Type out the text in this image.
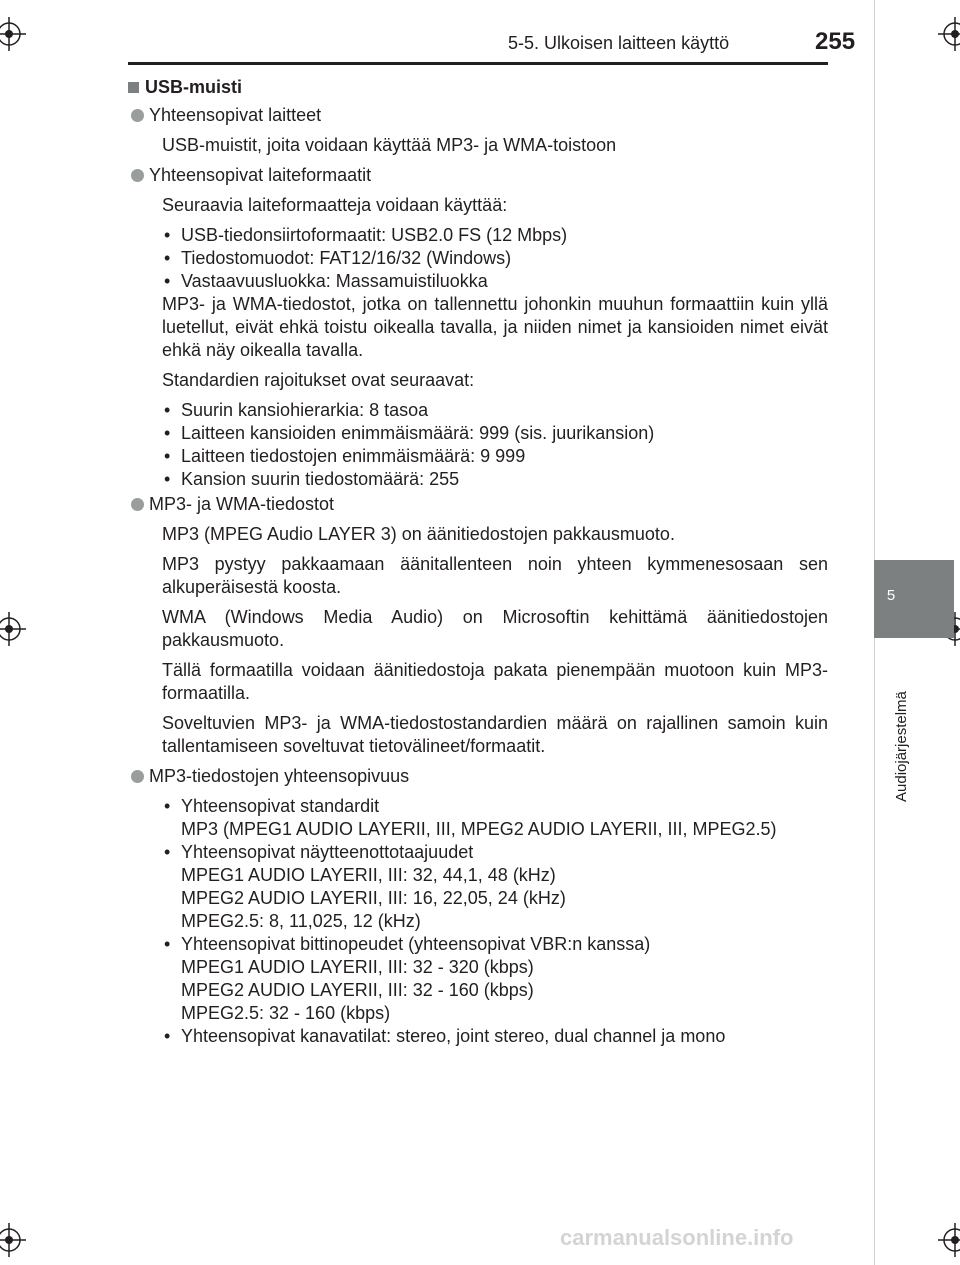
5-5. Ulkoisen laitteen käyttö	255
5
Audiojärjestelmä
USB-muisti
Yhteensopivat laitteet
USB-muistit, joita voidaan käyttää MP3- ja WMA-toistoon
Yhteensopivat laiteformaatit
Seuraavia laiteformaatteja voidaan käyttää:
• USB-tiedonsiirtoformaatit: USB2.0 FS (12 Mbps)
• Tiedostomuodot: FAT12/16/32 (Windows)
• Vastaavuusluokka: Massamuistiluokka
MP3- ja WMA-tiedostot, jotka on tallennettu johonkin muuhun formaattiin kuin yllä luetellut, eivät ehkä toistu oikealla tavalla, ja niiden nimet ja kansioiden nimet eivät ehkä näy oikealla tavalla.
Standardien rajoitukset ovat seuraavat:
• Suurin kansiohierarkia: 8 tasoa
• Laitteen kansioiden enimmäismäärä: 999 (sis. juurikansion)
• Laitteen tiedostojen enimmäismäärä: 9 999
• Kansion suurin tiedostomäärä: 255
MP3- ja WMA-tiedostot
MP3 (MPEG Audio LAYER 3) on äänitiedostojen pakkausmuoto.
MP3 pystyy pakkaamaan äänitallenteen noin yhteen kymmenesosaan sen alkuperäisestä koosta.
WMA (Windows Media Audio) on Microsoftin kehittämä äänitiedostojen pakkausmuoto.
Tällä formaatilla voidaan äänitiedostoja pakata pienempään muotoon kuin MP3-formaatilla.
Soveltuvien MP3- ja WMA-tiedostostandardien määrä on rajallinen samoin kuin tallentamiseen soveltuvat tietovälineet/formaatit.
MP3-tiedostojen yhteensopivuus
• Yhteensopivat standardit
MP3 (MPEG1 AUDIO LAYERII, III, MPEG2 AUDIO LAYERII, III, MPEG2.5)
• Yhteensopivat näytteenottotaajuudet
MPEG1 AUDIO LAYERII, III: 32, 44,1, 48 (kHz)
MPEG2 AUDIO LAYERII, III: 16, 22,05, 24 (kHz)
MPEG2.5: 8, 11,025, 12 (kHz)
• Yhteensopivat bittinopeudet (yhteensopivat VBR:n kanssa)
MPEG1 AUDIO LAYERII, III: 32 - 320 (kbps)
MPEG2 AUDIO LAYERII, III: 32 - 160 (kbps)
MPEG2.5: 32 - 160 (kbps)
• Yhteensopivat kanavatilat: stereo, joint stereo, dual channel ja mono
carmanualsonline.info
